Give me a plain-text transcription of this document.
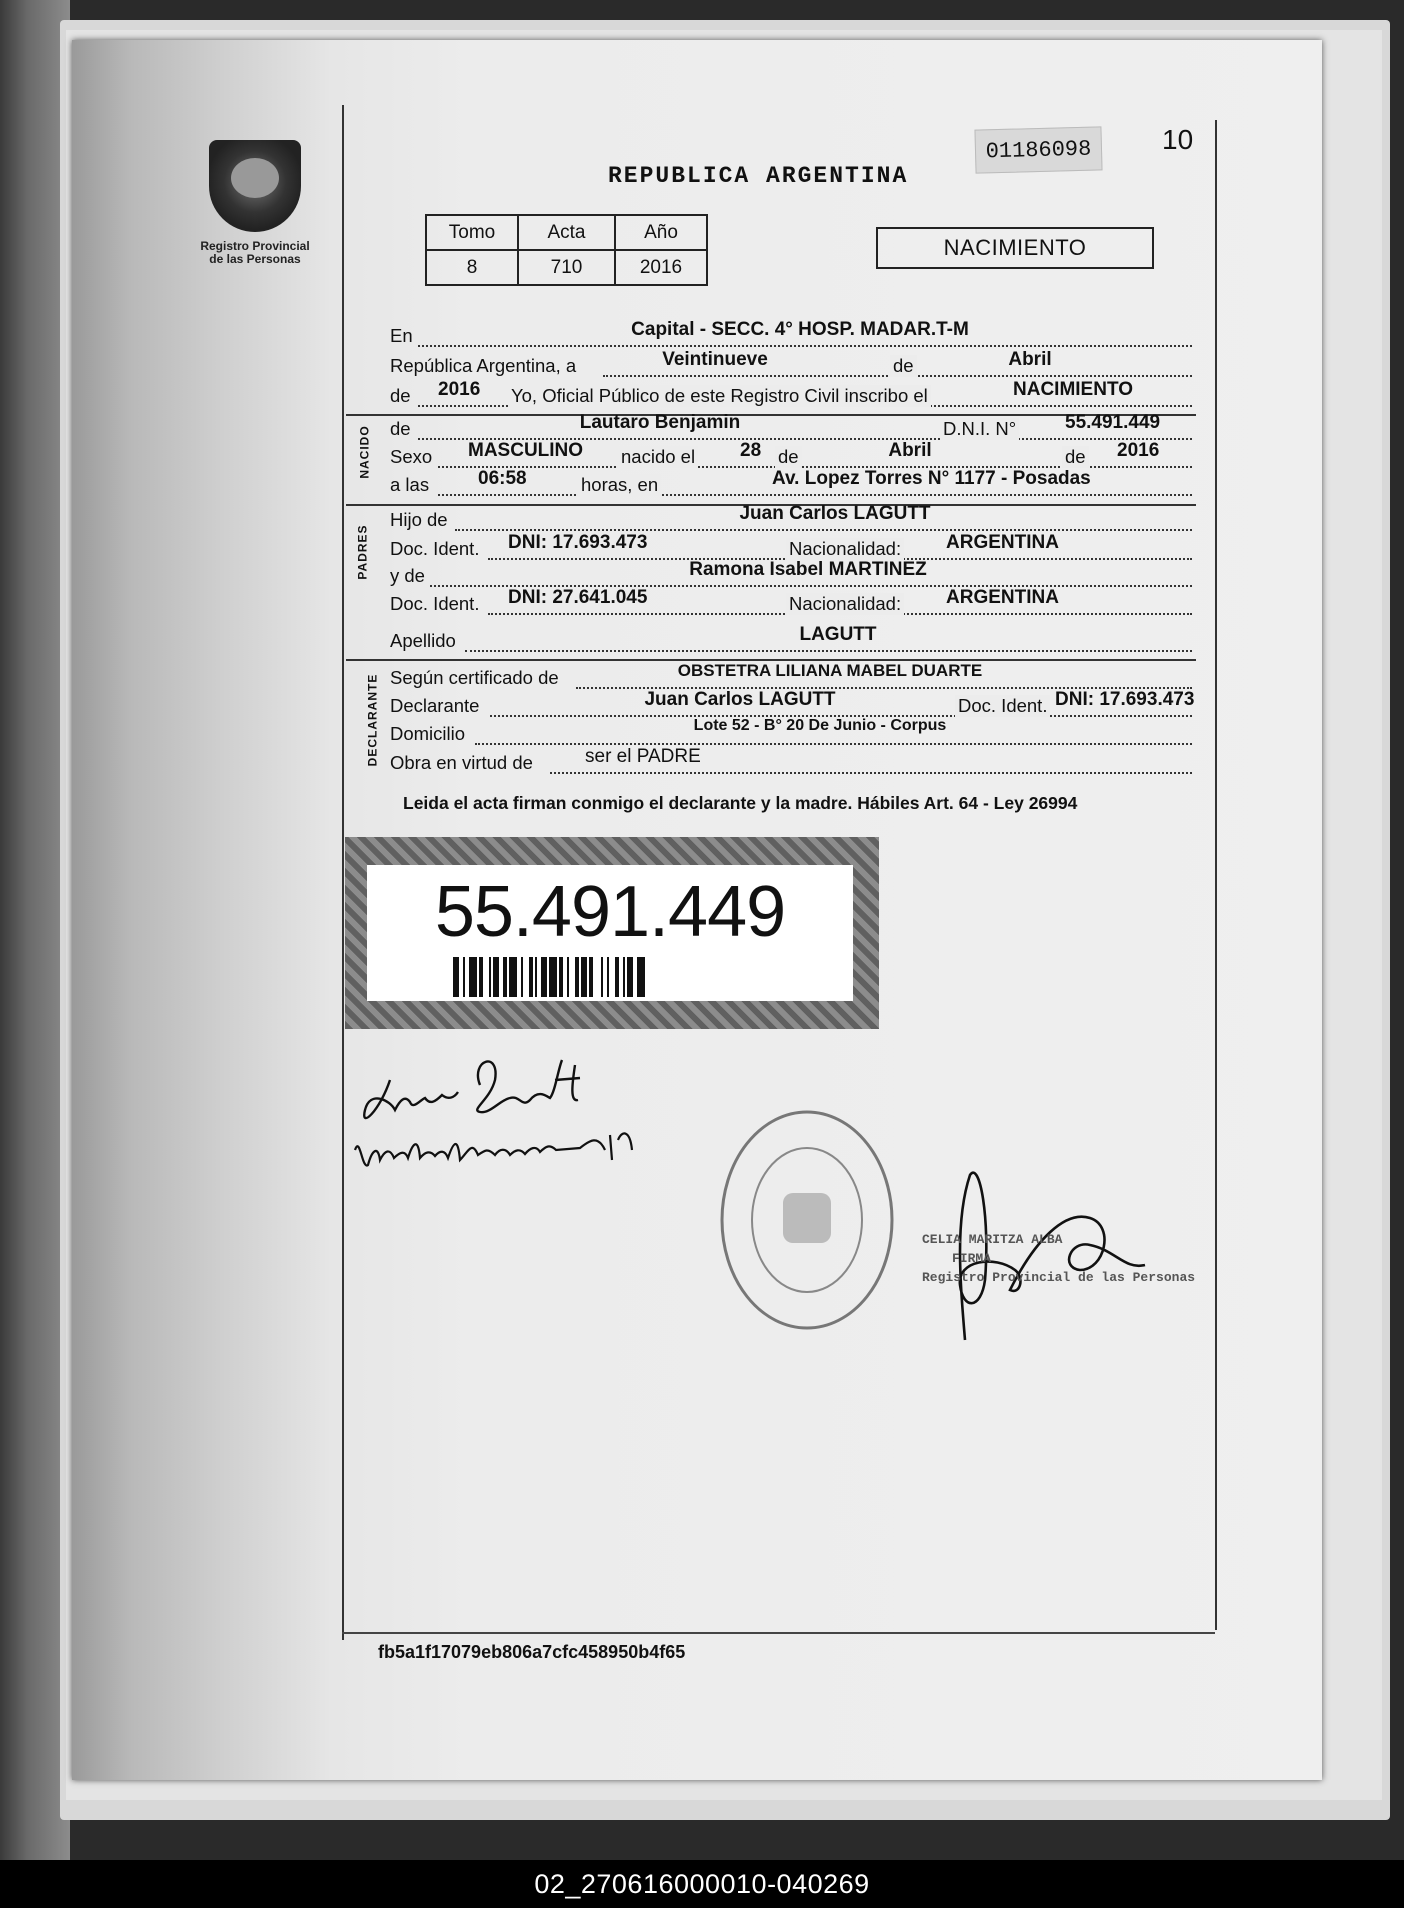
Registro Provincial
de las Personas
REPUBLICA ARGENTINA
01186098	10
Tomo	Acta	Año
8	710	2016
NACIMIENTO
En	Capital - SECC. 4° HOSP. MADAR.T-M
República Argentina, a	Veintinueve	de	Abril
de 2016 Yo, Oficial Público de este Registro Civil inscribo el	NACIMIENTO
NACIDO de	Lautaro Benjamin	D.N.I. N°	55.491.449
Sexo MASCULINO nacido el 28 de	Abril	de 2016
a las	06:58	horas, en	Av. Lopez Torres N° 1177 - Posadas
PADRES
Hijo de	Juan Carlos LAGUTT
Doc. Ident. DNI: 17.693.473	Nacionalidad: ARGENTINA
y de	Ramona Isabel MARTINEZ
Doc. Ident. DNI: 27.641.045	Nacionalidad: ARGENTINA
Apellido	LAGUTT
DECLARANTE Según certificado de	OBSTETRA LILIANA MABEL DUARTE
Declarante	Juan Carlos LAGUTT	Doc. Ident. DNI: 17.693.473
Domicilio	Lote 52 - B° 20 De Junio - Corpus
Obra en virtud de	ser el PADRE
Leida el acta firman conmigo el declarante y la madre. Hábiles Art. 64 - Ley 26994
55.491.449
CELIA MARITZA ALBA
FIRMA
Registro Provincial de las Personas
fb5a1f17079eb806a7cfc458950b4f65
02_270616000010-040269
